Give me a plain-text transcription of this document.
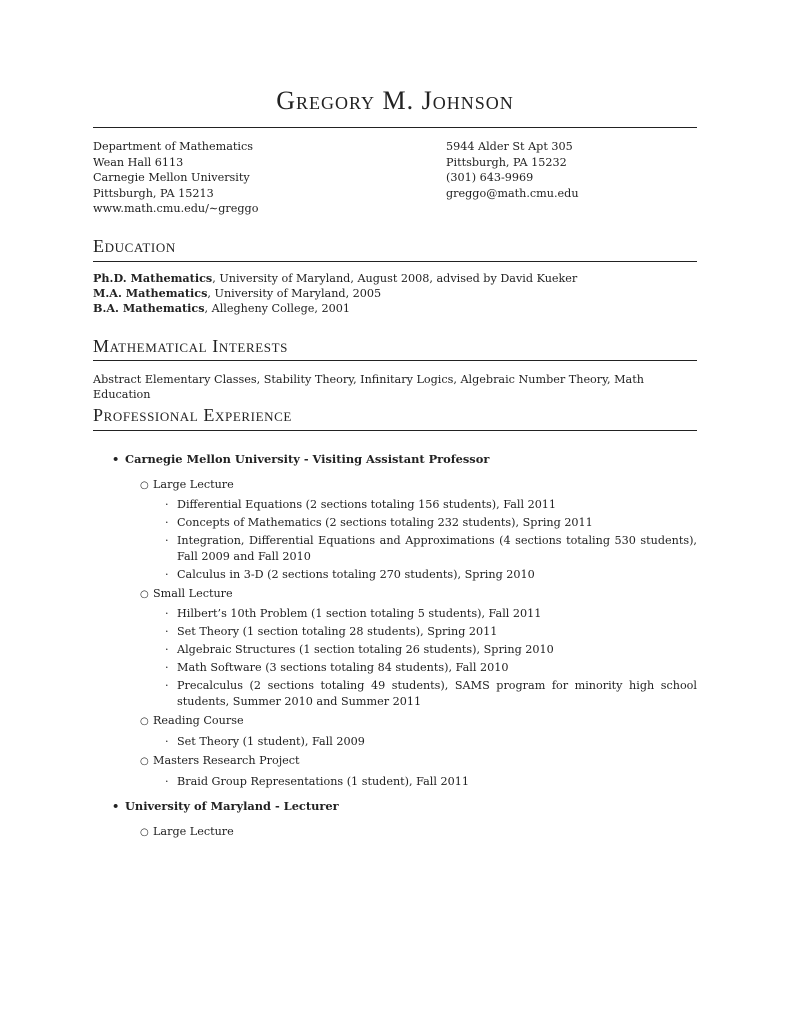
Gregory M. Johnson
Department of Mathematics
Wean Hall 6113
Carnegie Mellon University
Pittsburgh, PA 15213
www.math.cmu.edu/∼greggo
5944 Alder St Apt 305
Pittsburgh, PA 15232
(301) 643-9969
greggo@math.cmu.edu
Education
Ph.D. Mathematics, University of Maryland, August 2008, advised by David Kueker
M.A. Mathematics, University of Maryland, 2005
B.A. Mathematics, Allegheny College, 2001
Mathematical Interests
Abstract Elementary Classes, Stability Theory, Infinitary Logics, Algebraic Number Theory, Math Education
Professional Experience
• Carnegie Mellon University - Visiting Assistant Professor
○ Large Lecture
· Differential Equations (2 sections totaling 156 students), Fall 2011
· Concepts of Mathematics (2 sections totaling 232 students), Spring 2011
· Integration, Differential Equations and Approximations (4 sections totaling 530 students), Fall 2009 and Fall 2010
· Calculus in 3-D (2 sections totaling 270 students), Spring 2010
○ Small Lecture
· Hilbert’s 10th Problem (1 section totaling 5 students), Fall 2011
· Set Theory (1 section totaling 28 students), Spring 2011
· Algebraic Structures (1 section totaling 26 students), Spring 2010
· Math Software (3 sections totaling 84 students), Fall 2010
· Precalculus (2 sections totaling 49 students), SAMS program for minority high school students, Summer 2010 and Summer 2011
○ Reading Course
· Set Theory (1 student), Fall 2009
○ Masters Research Project
· Braid Group Representations (1 student), Fall 2011
• University of Maryland - Lecturer
○ Large Lecture
